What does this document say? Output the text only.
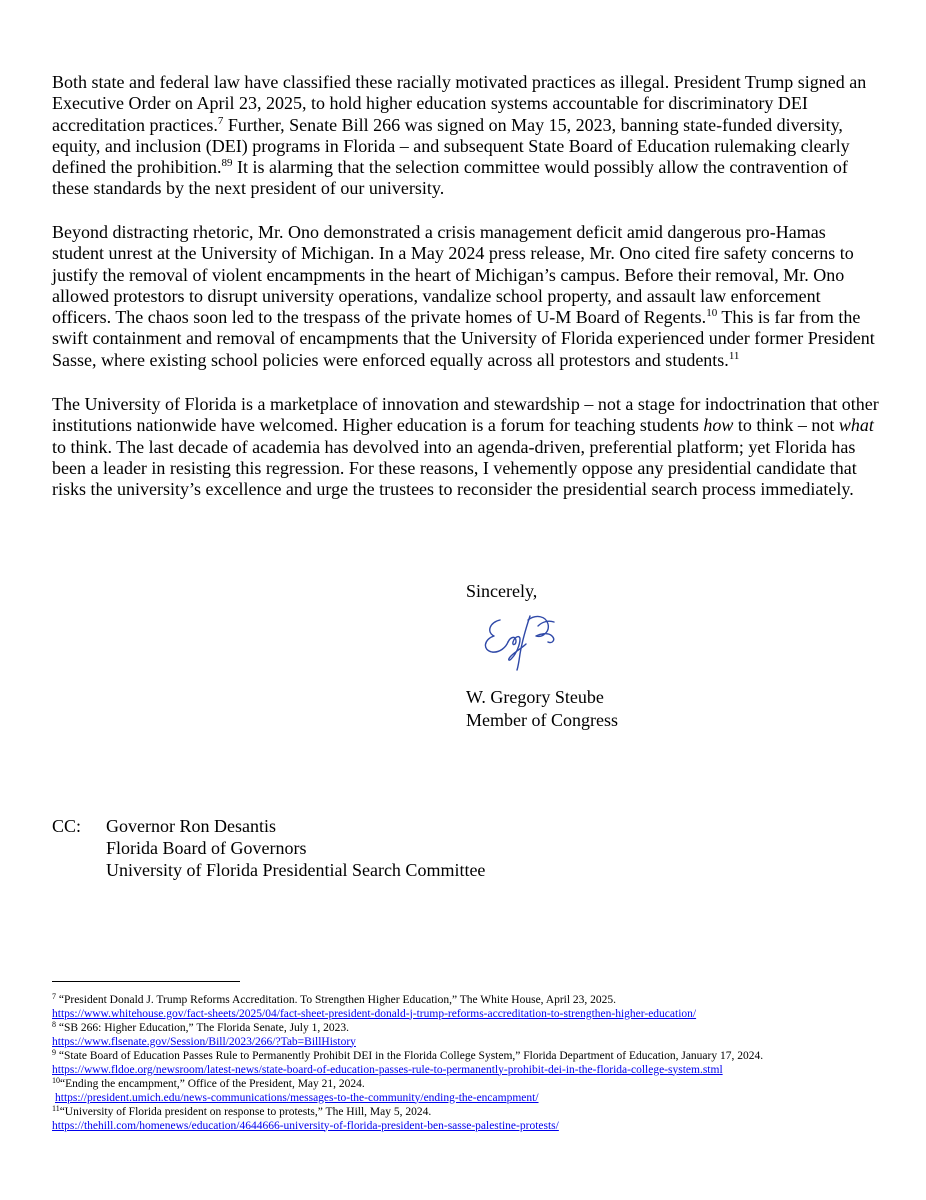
Both state and federal law have classified these racially motivated practices as illegal. President Trump signed an Executive Order on April 23, 2025, to hold higher education systems accountable for discriminatory DEI accreditation practices.$^7$ Further, Senate Bill 266 was signed on May 15, 2023, banning state-funded diversity, equity, and inclusion (DEI) programs in Florida – and subsequent State Board of Education rulemaking clearly defined the prohibition.$^{89}$ It is alarming that the selection committee would possibly allow the contravention of these standards by the next president of our university.

Beyond distracting rhetoric, Mr. Ono demonstrated a crisis management deficit amid dangerous pro-Hamas student unrest at the University of Michigan. In a May 2024 press release, Mr. Ono cited fire safety concerns to justify the removal of violent encampments in the heart of Michigan’s campus. Before their removal, Mr. Ono allowed protestors to disrupt university operations, vandalize school property, and assault law enforcement officers. The chaos soon led to the trespass of the private homes of U-M Board of Regents.$^{10}$ This is far from the swift containment and removal of encampments that the University of Florida experienced under former President Sasse, where existing school policies were enforced equally across all protestors and students.$^{11}$

The University of Florida is a marketplace of innovation and stewardship – not a stage for indoctrination that other institutions nationwide have welcomed. Higher education is a forum for teaching students how to think – not what to think. The last decade of academia has devolved into an agenda-driven, preferential platform; yet Florida has been a leader in resisting this regression. For these reasons, I vehemently oppose any presidential candidate that risks the university’s excellence and urge the trustees to reconsider the presidential search process immediately.

Sincerely,
W. Gregory Steube
Member of Congress
CC: Governor Ron Desantis
Florida Board of Governors
University of Florida Presidential Search Committee
$^7$ “President Donald J. Trump Reforms Accreditation. To Strengthen Higher Education,” The White House, April 23, 2025.
https://www.whitehouse.gov/fact-sheets/2025/04/fact-sheet-president-donald-j-trump-reforms-accreditation-to-strengthen-higher-education/
$^8$ “SB 266: Higher Education,” The Florida Senate, July 1, 2023.
https://www.flsenate.gov/Session/Bill/2023/266/?Tab=BillHistory
$^9$ “State Board of Education Passes Rule to Permanently Prohibit DEI in the Florida College System,” Florida Department of Education, January 17, 2024.
https://www.fldoe.org/newsroom/latest-news/state-board-of-education-passes-rule-to-permanently-prohibit-dei-in-the-florida-college-system.stml
$^{10}$“Ending the encampment,” Office of the President, May 21, 2024.
https://president.umich.edu/news-communications/messages-to-the-community/ending-the-encampment/
$^{11}$“University of Florida president on response to protests,” The Hill, May 5, 2024.
https://thehill.com/homenews/education/4644666-university-of-florida-president-ben-sasse-palestine-protests/
